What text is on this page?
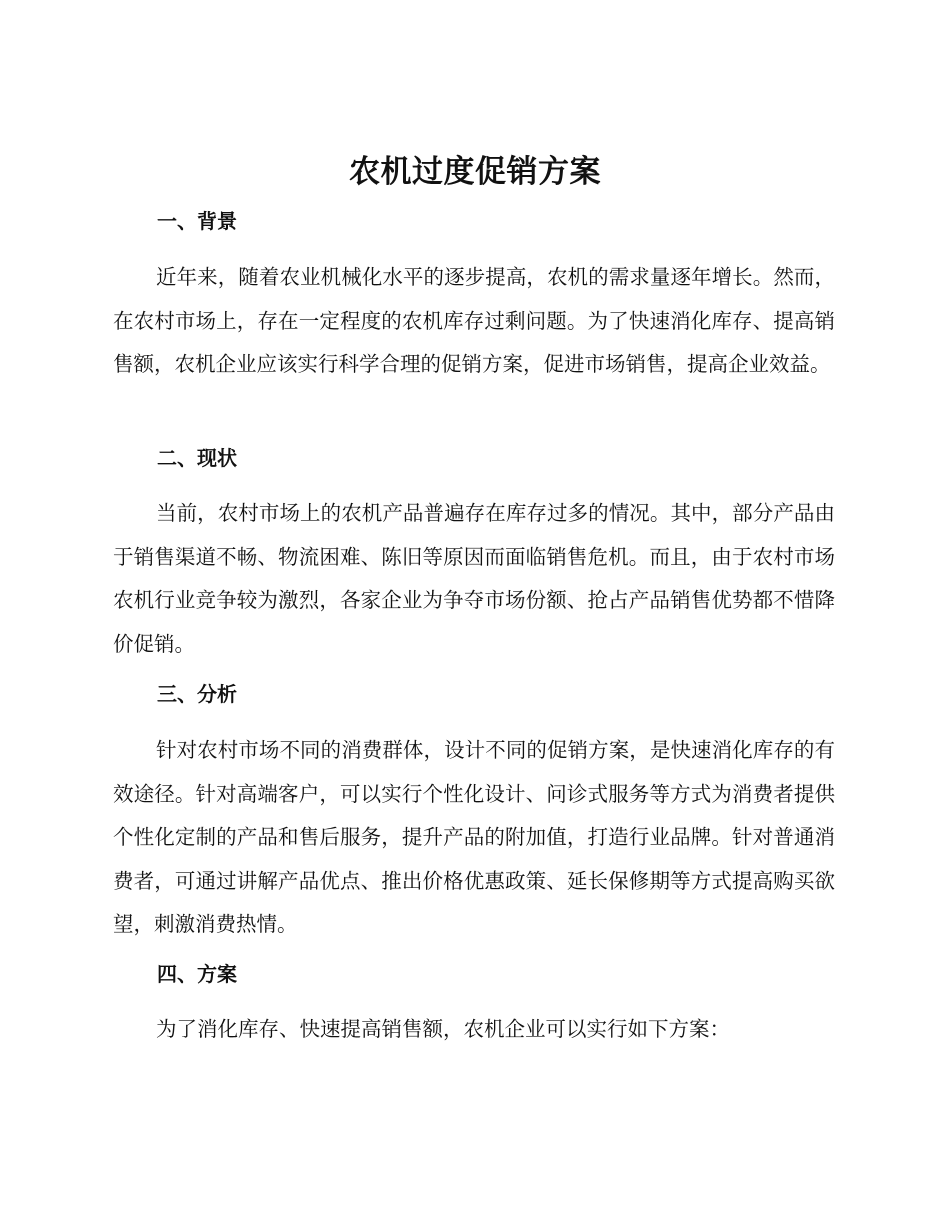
农机过度促销方案
一、背景

近年来，随着农业机械化水平的逐步提高，农机的需求量逐年增长。然而，在农村市场上，存在一定程度的农机库存过剩问题。为了快速消化库存、提高销售额，农机企业应该实行科学合理的促销方案，促进市场销售，提高企业效益。

二、现状

当前，农村市场上的农机产品普遍存在库存过多的情况。其中，部分产品由于销售渠道不畅、物流困难、陈旧等原因而面临销售危机。而且，由于农村市场农机行业竞争较为激烈，各家企业为争夺市场份额、抢占产品销售优势都不惜降价促销。

三、分析

针对农村市场不同的消费群体，设计不同的促销方案，是快速消化库存的有效途径。针对高端客户，可以实行个性化设计、问诊式服务等方式为消费者提供个性化定制的产品和售后服务，提升产品的附加值，打造行业品牌。针对普通消费者，可通过讲解产品优点、推出价格优惠政策、延长保修期等方式提高购买欲望，刺激消费热情。

四、方案

为了消化库存、快速提高销售额，农机企业可以实行如下方案：
